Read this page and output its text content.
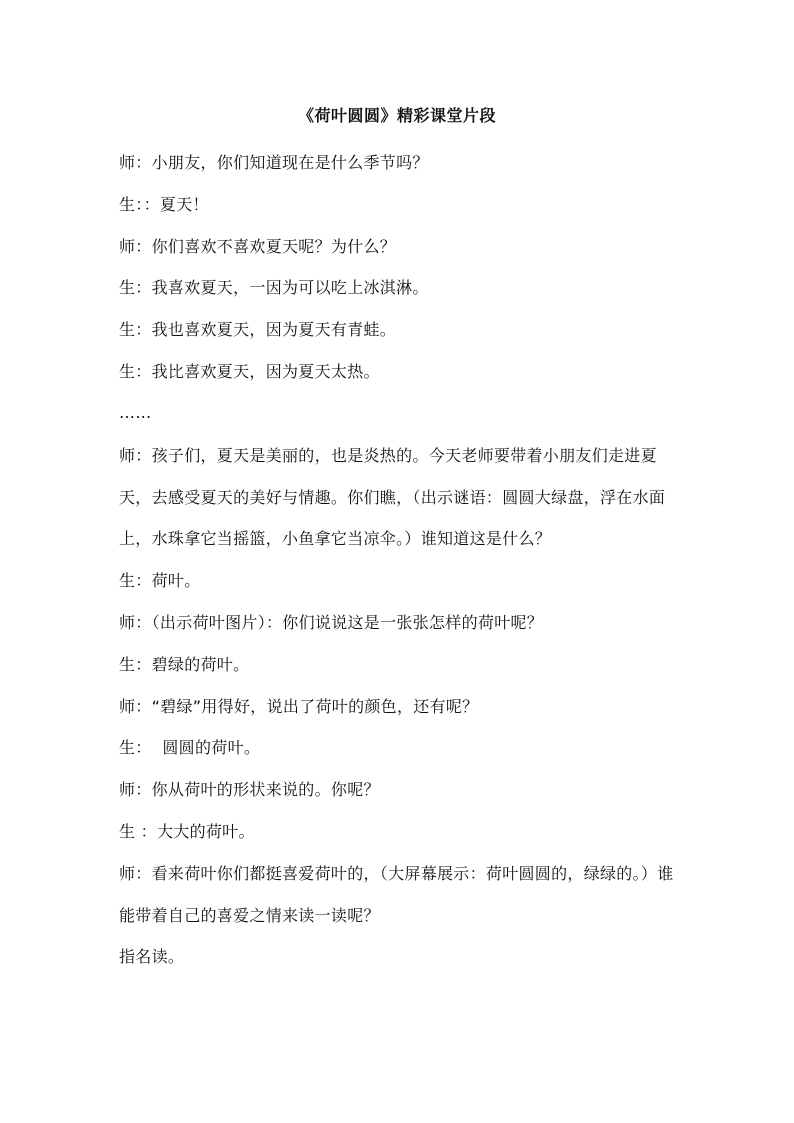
《荷叶圆圆》精彩课堂片段

师：小朋友，你们知道现在是什么季节吗？

生：：夏天！

师：你们喜欢不喜欢夏天呢？为什么？

生：我喜欢夏天，一因为可以吃上冰淇淋。

生：我也喜欢夏天，因为夏天有青蛙。

生：我比喜欢夏天，因为夏天太热。

……

师：孩子们，夏天是美丽的，也是炎热的。今天老师要带着小朋友们走进夏天，去感受夏天的美好与情趣。你们瞧，（出示谜语：圆圆大绿盘，浮在水面上，水珠拿它当摇篮，小鱼拿它当凉伞。）谁知道这是什么？

生：荷叶。

师：（出示荷叶图片）：你们说说这是一张张怎样的荷叶呢？

生：碧绿的荷叶。

师：“碧绿”用得好，说出了荷叶的颜色，还有呢？

生：  圆圆的荷叶。

师：你从荷叶的形状来说的。你呢？

生 ：大大的荷叶。

师：看来荷叶你们都挺喜爱荷叶的，（大屏幕展示：荷叶圆圆的，绿绿的。）谁能带着自己的喜爱之情来读一读呢？

指名读。
